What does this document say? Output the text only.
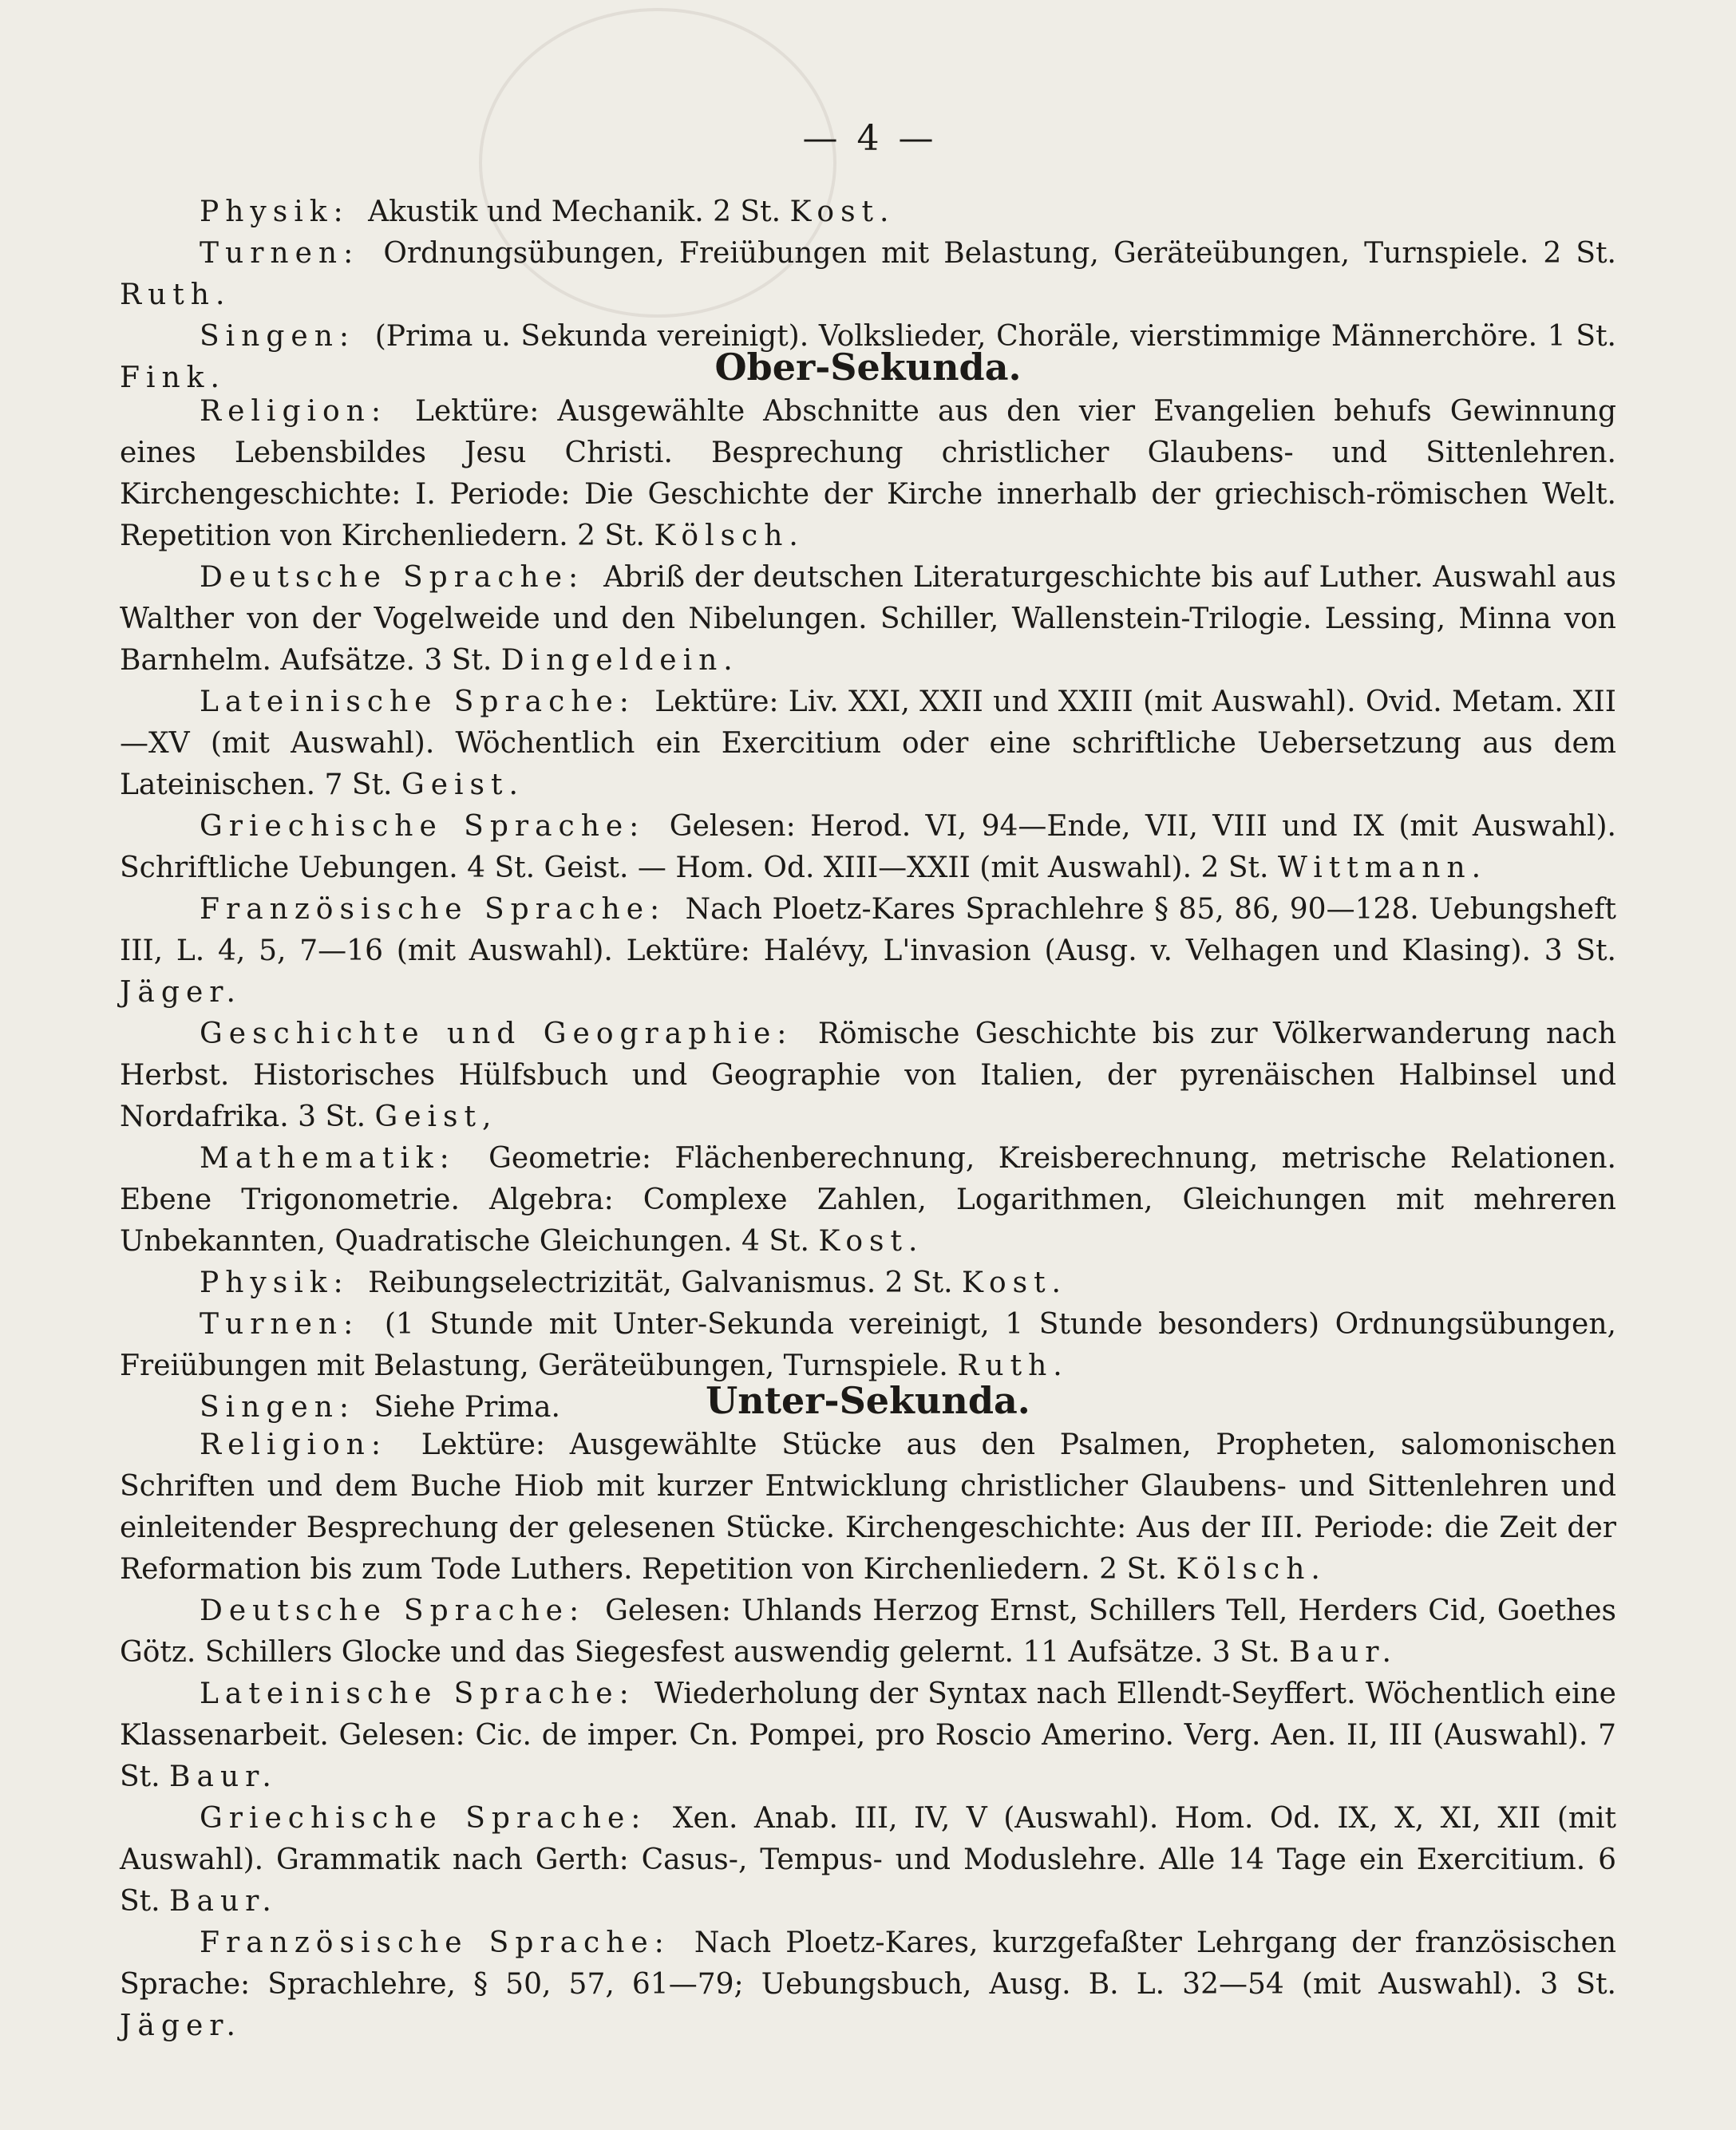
— 4 —

Physik: Akustik und Mechanik. 2 St. Kost.

Turnen: Ordnungsübungen, Freiübungen mit Belastung, Geräteübungen, Turnspiele. 2 St. Ruth.

Singen: (Prima u. Sekunda vereinigt). Volkslieder, Choräle, vierstimmige Männerchöre. 1 St. Fink.	Ober-Sekunda.

Religion: Lektüre: Ausgewählte Abschnitte aus den vier Evangelien behufs Gewinnung eines Lebensbildes Jesu Christi. Besprechung christlicher Glaubens- und Sittenlehren. Kirchengeschichte: I. Periode: Die Geschichte der Kirche innerhalb der griechisch-römischen Welt. Repetition von Kirchenliedern. 2 St. Kölsch.

Deutsche Sprache: Abriß der deutschen Literaturgeschichte bis auf Luther. Auswahl aus Walther von der Vogelweide und den Nibelungen. Schiller, Wallenstein-Trilogie. Lessing, Minna von Barnhelm. Aufsätze. 3 St. Dingeldein.

Lateinische Sprache: Lektüre: Liv. XXI, XXII und XXIII (mit Auswahl). Ovid. Metam. XII—XV (mit Auswahl). Wöchentlich ein Exercitium oder eine schriftliche Uebersetzung aus dem Lateinischen. 7 St. Geist.

Griechische Sprache: Gelesen: Herod. VI, 94—Ende, VII, VIII und IX (mit Auswahl). Schriftliche Uebungen. 4 St. Geist. — Hom. Od. XIII—XXII (mit Auswahl). 2 St. Wittmann.

Französische Sprache: Nach Ploetz-Kares Sprachlehre § 85, 86, 90—128. Uebungsheft III, L. 4, 5, 7—16 (mit Auswahl). Lektüre: Halévy, L'invasion (Ausg. v. Velhagen und Klasing). 3 St. Jäger.

Geschichte und Geographie: Römische Geschichte bis zur Völkerwanderung nach Herbst. Historisches Hülfsbuch und Geographie von Italien, der pyrenäischen Halbinsel und Nordafrika. 3 St. Geist,

Mathematik: Geometrie: Flächenberechnung, Kreisberechnung, metrische Relationen. Ebene Trigonometrie. Algebra: Complexe Zahlen, Logarithmen, Gleichungen mit mehreren Unbekannten, Quadratische Gleichungen. 4 St. Kost.

Physik: Reibungselectrizität, Galvanismus. 2 St. Kost.

Turnen: (1 Stunde mit Unter-Sekunda vereinigt, 1 Stunde besonders) Ordnungsübungen, Freiübungen mit Belastung, Geräteübungen, Turnspiele. Ruth.

Singen: Siehe Prima.	Unter-Sekunda.

Religion: Lektüre: Ausgewählte Stücke aus den Psalmen, Propheten, salomonischen Schriften und dem Buche Hiob mit kurzer Entwicklung christlicher Glaubens- und Sittenlehren und einleitender Besprechung der gelesenen Stücke. Kirchengeschichte: Aus der III. Periode: die Zeit der Reformation bis zum Tode Luthers. Repetition von Kirchenliedern. 2 St. Kölsch.

Deutsche Sprache: Gelesen: Uhlands Herzog Ernst, Schillers Tell, Herders Cid, Goethes Götz. Schillers Glocke und das Siegesfest auswendig gelernt. 11 Aufsätze. 3 St. Baur.

Lateinische Sprache: Wiederholung der Syntax nach Ellendt-Seyffert. Wöchentlich eine Klassenarbeit. Gelesen: Cic. de imper. Cn. Pompei, pro Roscio Amerino. Verg. Aen. II, III (Auswahl). 7 St. Baur.

Griechische Sprache: Xen. Anab. III, IV, V (Auswahl). Hom. Od. IX, X, XI, XII (mit Auswahl). Grammatik nach Gerth: Casus-, Tempus- und Moduslehre. Alle 14 Tage ein Exercitium. 6 St. Baur.

Französische Sprache: Nach Ploetz-Kares, kurzgefaßter Lehrgang der französischen Sprache: Sprachlehre, § 50, 57, 61—79; Uebungsbuch, Ausg. B. L. 32—54 (mit Auswahl). 3 St. Jäger.
